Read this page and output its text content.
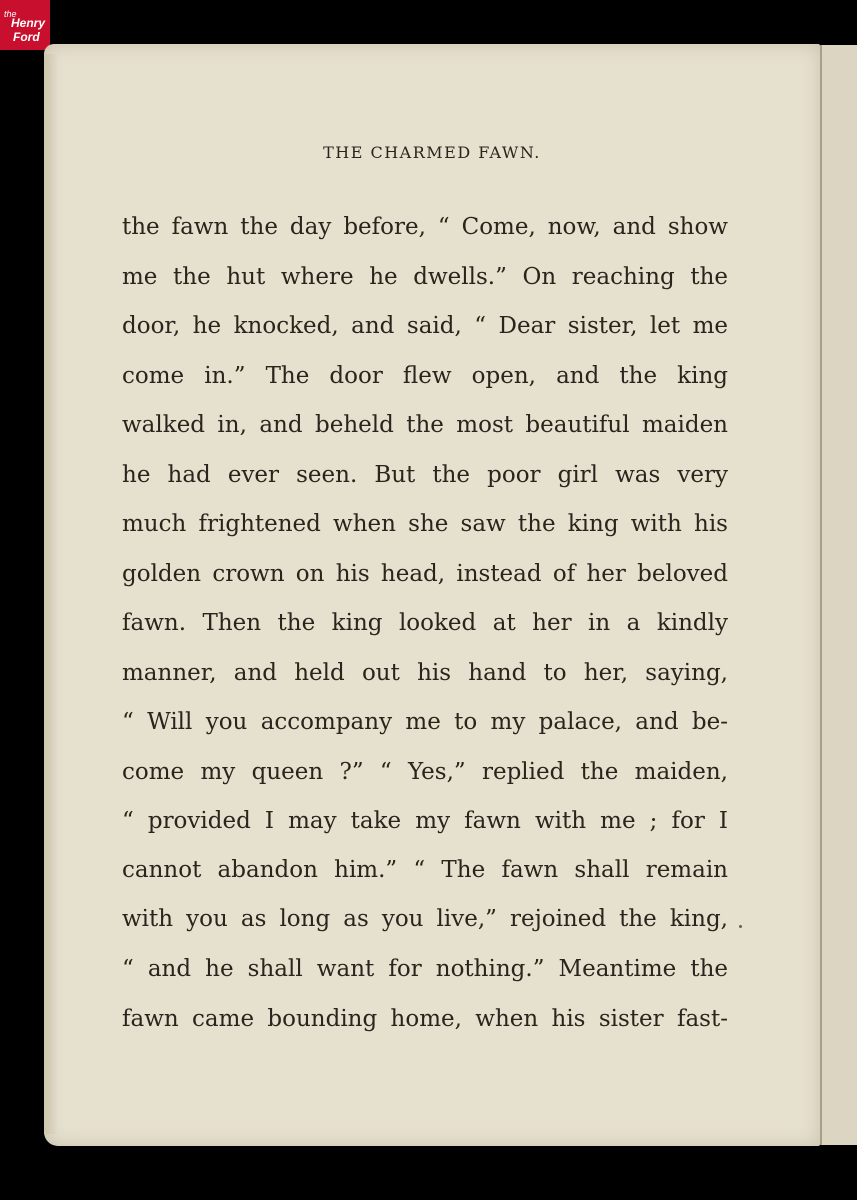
the
Henry
Ford
THE CHARMED FAWN.
the fawn the day before, “ Come, now, and show
me the hut where he dwells.” On reaching the
door, he knocked, and said, “ Dear sister, let me
come in.” The door flew open, and the king
walked in, and beheld the most beautiful maiden
he had ever seen. But the poor girl was very
much frightened when she saw the king with his
golden crown on his head, instead of her beloved
fawn. Then the king looked at her in a kindly
manner, and held out his hand to her, saying,
“ Will you accompany me to my palace, and be-
come my queen ?” “ Yes,” replied the maiden,
“ provided I may take my fawn with me ; for I
cannot abandon him.” “ The fawn shall remain
with you as long as you live,” rejoined the king,
“ and he shall want for nothing.” Meantime the
fawn came bounding home, when his sister fast-
